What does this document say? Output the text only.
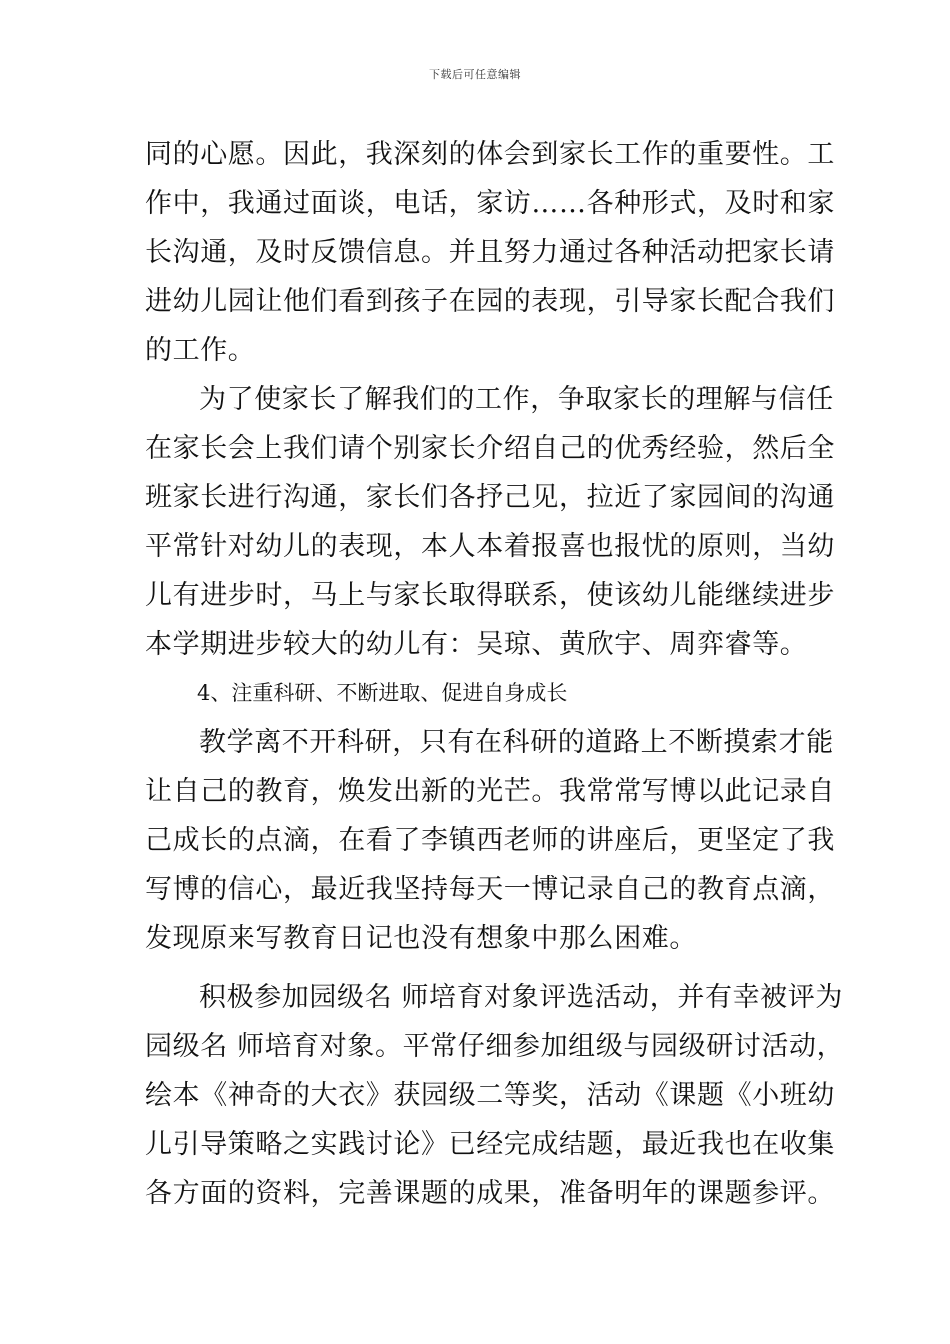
下载后可任意编辑
同的心愿。因此，我深刻的体会到家长工作的重要性。工
作中，我通过面谈，电话，家访……各种形式，及时和家
长沟通，及时反馈信息。并且努力通过各种活动把家长请
进幼儿园让他们看到孩子在园的表现，引导家长配合我们
的工作。
为了使家长了解我们的工作，争取家长的理解与信任
在家长会上我们请个别家长介绍自己的优秀经验，然后全
班家长进行沟通，家长们各抒己见，拉近了家园间的沟通
平常针对幼儿的表现，本人本着报喜也报忧的原则，当幼
儿有进步时，马上与家长取得联系，使该幼儿能继续进步
本学期进步较大的幼儿有：吴琼、黄欣宇、周弈睿等。
4、注重科研、不断进取、促进自身成长
教学离不开科研，只有在科研的道路上不断摸索才能
让自己的教育，焕发出新的光芒。我常常写博以此记录自
己成长的点滴，在看了李镇西老师的讲座后，更坚定了我
写博的信心，最近我坚持每天一博记录自己的教育点滴，
发现原来写教育日记也没有想象中那么困难。
积极参加园级名 师培育对象评选活动，并有幸被评为
园级名 师培育对象。平常仔细参加组级与园级研讨活动，
绘本《神奇的大衣》获园级二等奖，活动《课题《小班幼
儿引导策略之实践讨论》已经完成结题，最近我也在收集
各方面的资料，完善课题的成果，准备明年的课题参评。
